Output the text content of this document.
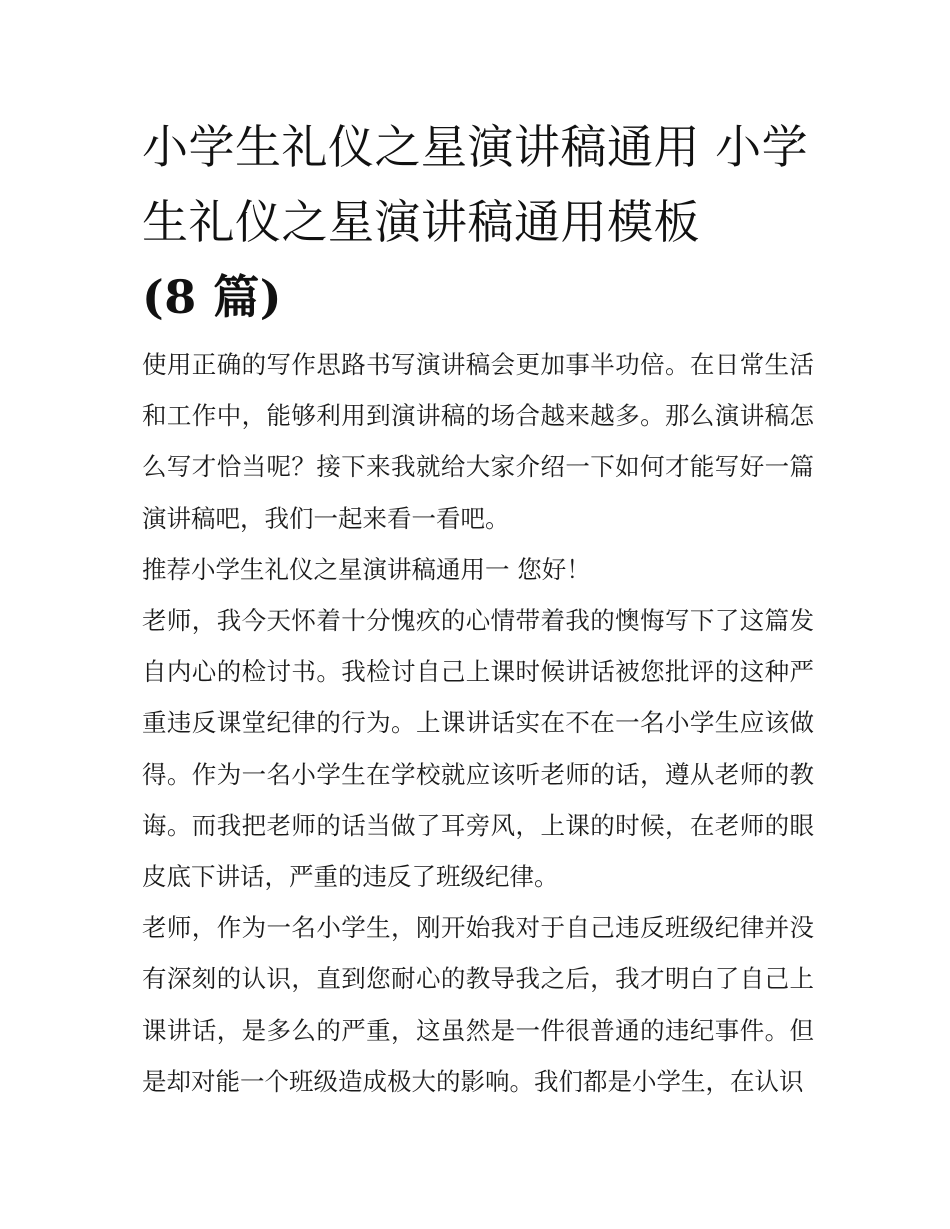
小学生礼仪之星演讲稿通用 小学生礼仪之星演讲稿通用模板
(8 篇)

使用正确的写作思路书写演讲稿会更加事半功倍。在日常生活和工作中，能够利用到演讲稿的场合越来越多。那么演讲稿怎么写才恰当呢？接下来我就给大家介绍一下如何才能写好一篇演讲稿吧，我们一起来看一看吧。

推荐小学生礼仪之星演讲稿通用一 您好！

老师，我今天怀着十分愧疚的心情带着我的懊悔写下了这篇发自内心的检讨书。我检讨自己上课时候讲话被您批评的这种严重违反课堂纪律的行为。上课讲话实在不在一名小学生应该做得。作为一名小学生在学校就应该听老师的话，遵从老师的教诲。而我把老师的话当做了耳旁风，上课的时候，在老师的眼皮底下讲话，严重的违反了班级纪律。

老师，作为一名小学生，刚开始我对于自己违反班级纪律并没有深刻的认识，直到您耐心的教导我之后，我才明白了自己上课讲话，是多么的严重，这虽然是一件很普通的违纪事件。但是却对能一个班级造成极大的影响。我们都是小学生，在认识
